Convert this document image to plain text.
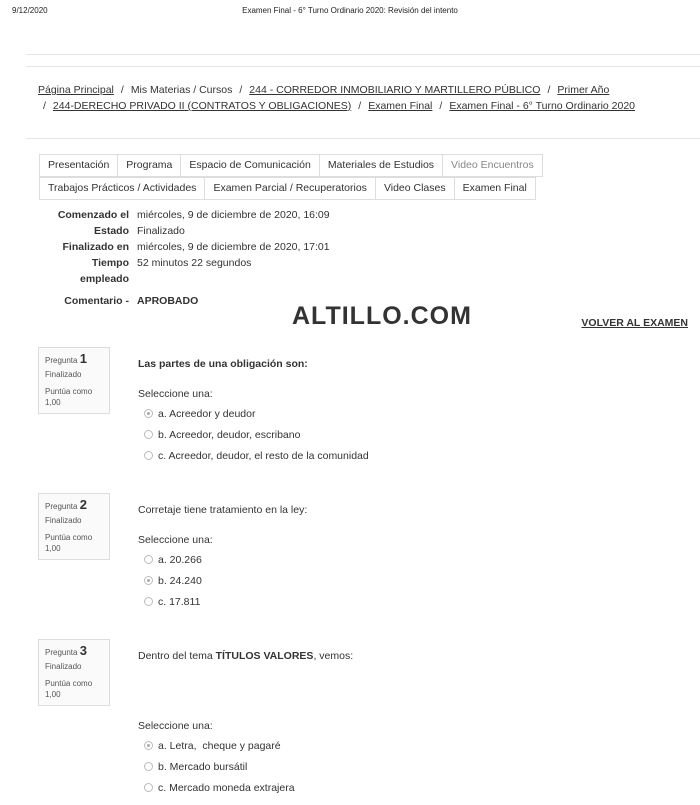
9/12/2020	Examen Final - 6° Turno Ordinario 2020: Revisión del intento
Página Principal / Mis Materias / Cursos / 244 - CORREDOR INMOBILIARIO Y MARTILLERO PÚBLICO / Primer Año
/ 244-DERECHO PRIVADO II (CONTRATOS Y OBLIGACIONES) / Examen Final / Examen Final - 6° Turno Ordinario 2020
Presentación	Programa	Espacio de Comunicación	Materiales de Estudios	Video Encuentros
Trabajos Prácticos / Actividades	Examen Parcial / Recuperatorios	Video Clases	Examen Final
Comenzado el miércoles, 9 de diciembre de 2020, 16:09
Estado Finalizado
Finalizado en miércoles, 9 de diciembre de 2020, 17:01
Tiempo
empleado
52 minutos 22 segundos
Comentario - APROBADO
ALTILLO.COM	VOLVER AL EXAMEN
Pregunta 1
Finalizado
Puntúa como
1,00
Las partes de una obligación son:
Seleccione una:
a. Acreedor y deudor
b. Acreedor, deudor, escribano
c. Acreedor, deudor, el resto de la comunidad
Pregunta 2
Finalizado
Puntúa como
1,00
Corretaje tiene tratamiento en la ley:
Seleccione una:
a. 20.266
b. 24.240
c. 17.811
Pregunta 3
Finalizado
Puntúa como
1,00
Dentro del tema TÍTULOS VALORES, vemos:
Seleccione una:
a. Letra,  cheque y pagaré
b. Mercado bursátil
c. Mercado moneda extrajera
